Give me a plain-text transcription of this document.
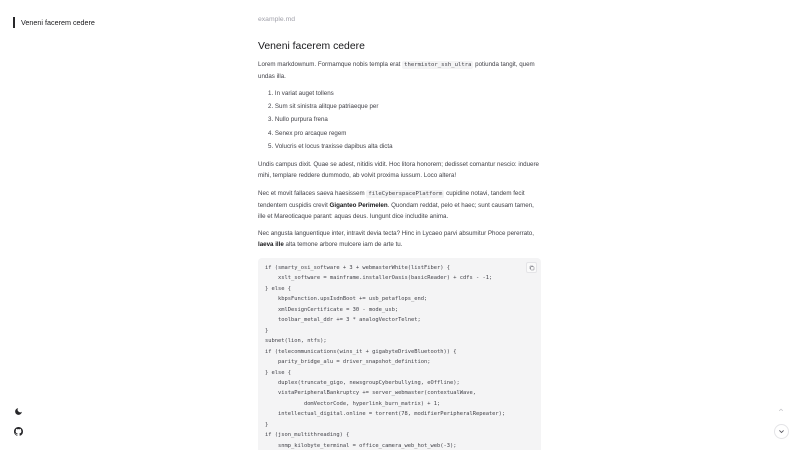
Veneni facerem cedere	example.md
Veneni facerem cedere

Lorem markdownum. Formamque nobis templa erat thermistor_ssh_ultra potiunda tangit, quem undas illa.

1. In variat auget tollens
2. Sum sit sinistra alitque patriaeque per
3. Nullo purpura frena
4. Senex pro arcaque regem
5. Volucris et locus traxisse dapibus alta dicta

Undis campus dixit. Quae se adest, nitidis vidit. Hoc litora honorem; dedisset comantur nescio: induere mihi, templare reddere dummodo, ab volvit proxima iussum. Loco altera!

Nec et movit fallaces saeva haesissem fileCyberspacePlatform cupidine notavi, tandem fecit tendentem cuspidis crevit Giganteo Perimelen. Quondam reddat, pelo et haec; sunt causam tamen, ille et Mareoticaque parant: aquas deus. Iungunt dice includite anima.

Nec angusta languentique inter, intravit devia tecta? Hinc in Lycaeo parvi absumitur Phoce pererrato, laeva ille alta temone arbore mulcere iam de arte tu.

if (smarty_osi_software + 3 + webmasterWhite(listFiber) {
xslt_software = mainframe.installerOasis(basicReader) + cdfs - -1;
} else {
kbpsFunction.upsIsdnBoot += usb_petaflops_end;
xmlDesignCertificate = 30 - mode_usb;
toolbar_metal_ddr += 3 * analogVectorTelnet;
}
subnet(lion, ntfs);
if (telecommunications(wins_it + gigabyteDriveBluetooth)) {
parity_bridge_alu = driver_snapshot_definition;
} else {
duplex(truncate_gigo, newsgroupCyberbullying, eOffline);
vistaPeripheralBankruptcy += server_webmaster(contextualWave,
domVectorCode, hyperlink_burn_matrix) + 1;
intellectual_digital.online = torrent(78, modifierPeripheralRepeater);
}
if (json_multithreading) {
snmp_kilobyte_terminal = office_camera_web_hot_web(-3);
